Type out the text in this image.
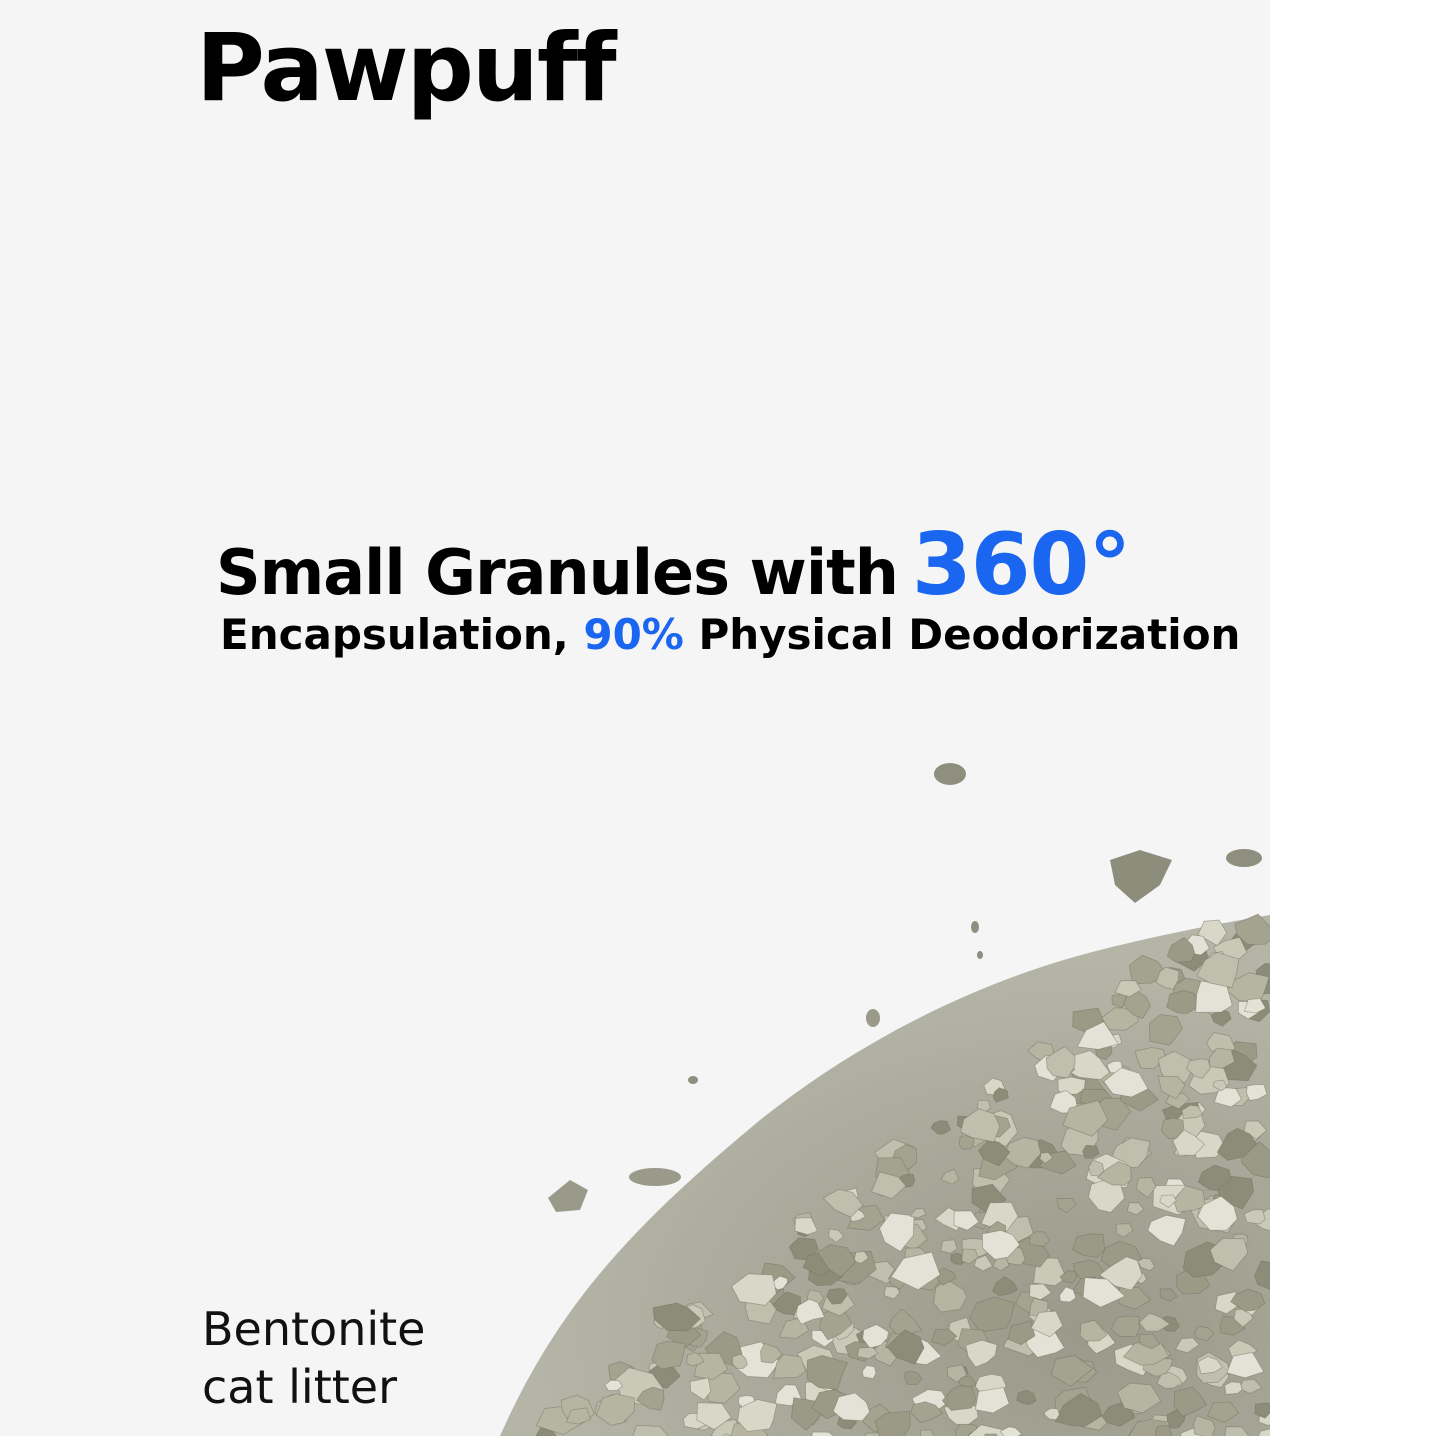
Pawpuff
Small Granules with 360°
Encapsulation, 90% Physical Deodorization
Bentonite
cat litter
